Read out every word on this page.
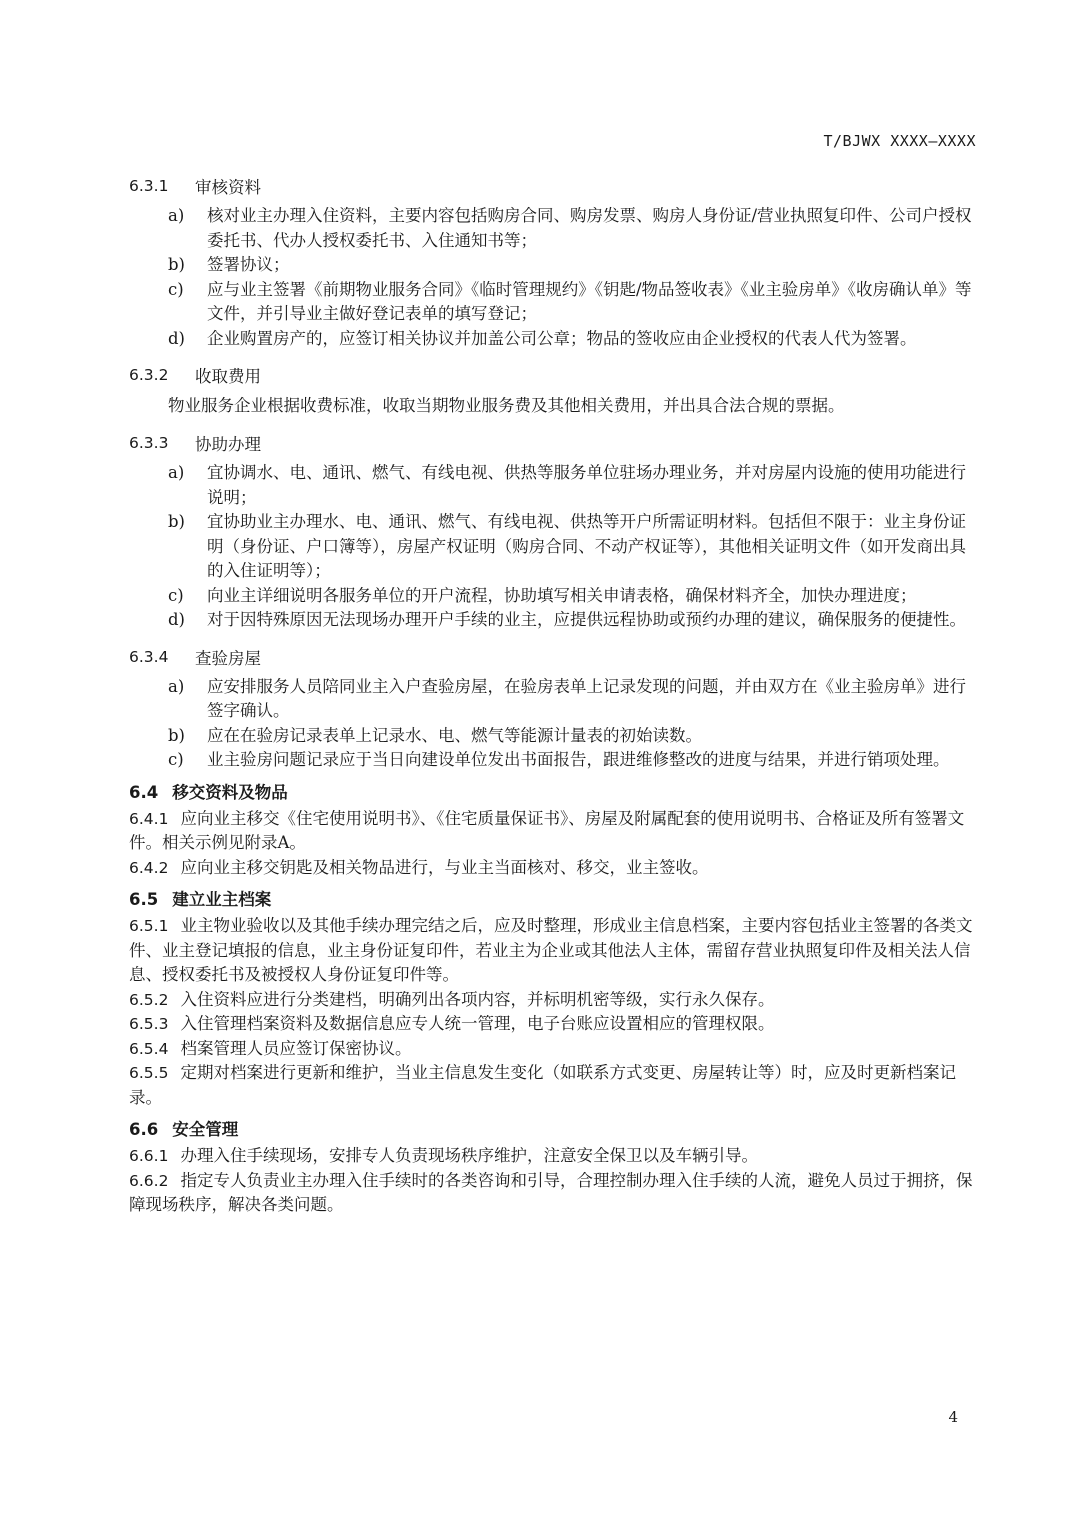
T/BJWX XXXX—XXXX
6.3.1	审核资料
a)	核对业主办理入住资料，主要内容包括购房合同、购房发票、购房人身份证/营业执照复印件、公司户授权委托书、代办人授权委托书、入住通知书等；
b)	签署协议；
c)	应与业主签署《前期物业服务合同》《临时管理规约》《钥匙/物品签收表》《业主验房单》《收房确认单》等文件，并引导业主做好登记表单的填写登记；
d)	企业购置房产的，应签订相关协议并加盖公司公章；物品的签收应由企业授权的代表人代为签署。
6.3.2	收取费用
物业服务企业根据收费标准，收取当期物业服务费及其他相关费用，并出具合法合规的票据。
6.3.3	协助办理
a)	宜协调水、电、通讯、燃气、有线电视、供热等服务单位驻场办理业务，并对房屋内设施的使用功能进行说明；
b)	宜协助业主办理水、电、通讯、燃气、有线电视、供热等开户所需证明材料。包括但不限于：业主身份证明（身份证、户口簿等），房屋产权证明（购房合同、不动产权证等），其他相关证明文件（如开发商出具的入住证明等）；
c)	向业主详细说明各服务单位的开户流程，协助填写相关申请表格，确保材料齐全，加快办理进度；
d)	对于因特殊原因无法现场办理开户手续的业主，应提供远程协助或预约办理的建议，确保服务的便捷性。
6.3.4	查验房屋
a)	应安排服务人员陪同业主入户查验房屋，在验房表单上记录发现的问题，并由双方在《业主验房单》进行签字确认。
b)	应在在验房记录表单上记录水、电、燃气等能源计量表的初始读数。
c)	业主验房问题记录应于当日向建设单位发出书面报告，跟进维修整改的进度与结果，并进行销项处理。
6.4 移交资料及物品
6.4.1 应向业主移交《住宅使用说明书》、《住宅质量保证书》、房屋及附属配套的使用说明书、合格证及所有签署文件。相关示例见附录A。
6.4.2 应向业主移交钥匙及相关物品进行，与业主当面核对、移交，业主签收。
6.5 建立业主档案
6.5.1 业主物业验收以及其他手续办理完结之后，应及时整理，形成业主信息档案，主要内容包括业主签署的各类文件、业主登记填报的信息，业主身份证复印件，若业主为企业或其他法人主体，需留存营业执照复印件及相关法人信息、授权委托书及被授权人身份证复印件等。
6.5.2 入住资料应进行分类建档，明确列出各项内容，并标明机密等级，实行永久保存。
6.5.3 入住管理档案资料及数据信息应专人统一管理，电子台账应设置相应的管理权限。
6.5.4 档案管理人员应签订保密协议。
6.5.5 定期对档案进行更新和维护，当业主信息发生变化（如联系方式变更、房屋转让等）时，应及时更新档案记录。
6.6 安全管理
6.6.1 办理入住手续现场，安排专人负责现场秩序维护，注意安全保卫以及车辆引导。
6.6.2 指定专人负责业主办理入住手续时的各类咨询和引导，合理控制办理入住手续的人流，避免人员过于拥挤，保障现场秩序，解决各类问题。
4
